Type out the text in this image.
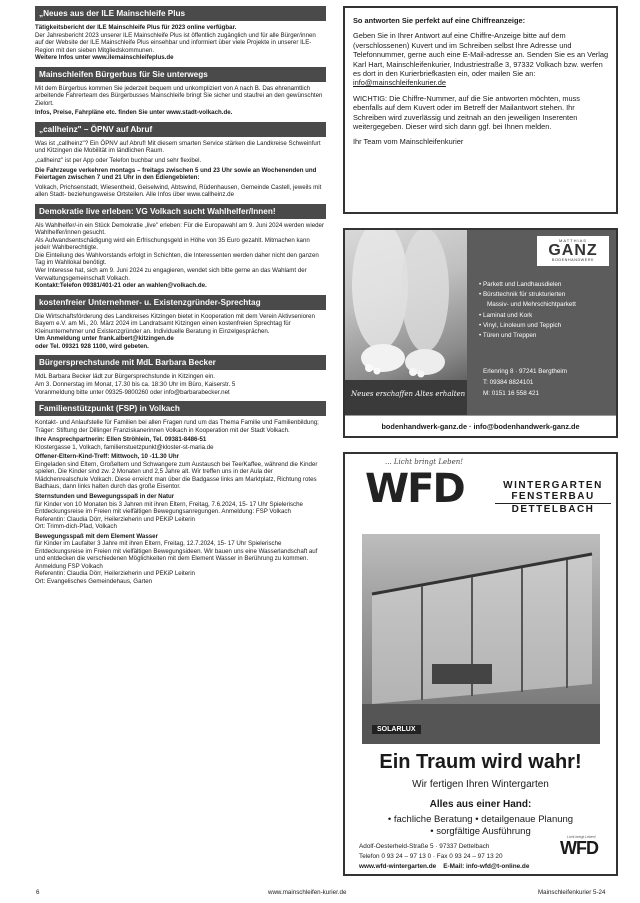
„Neues aus der ILE Mainschleife Plus
Tätigkeitsbericht der ILE Mainschleife Plus für 2023 online verfügbar.
Der Jahresbericht 2023 unserer ILE Mainschleife Plus ist öffentlich zugänglich und für alle Bürger/innen auf der Website der ILE Mainschleife Plus einsehbar und informiert über viele Projekte in unserer ILE-Region mit den sieben Mitgliedskommunen.
Weitere Infos unter www.ilemainschleifeplus.de
Mainschleifen Bürgerbus für Sie unterwegs
Mit dem Bürgerbus kommen Sie jederzeit bequem und unkompliziert von A nach B. Das ehrenamtlich arbeitende Fahrerteam des Bürgerbusses Mainschleife bringt Sie sicher und staufrei an den gewünschten Zielort.
Infos, Preise, Fahrpläne etc. finden Sie unter www.stadt-volkach.de.
„callheinz" – ÖPNV auf Abruf
Was ist „callheinz"? Ein ÖPNV auf Abruf! Mit diesem smarten Service stärken die Landkreise Schweinfurt und Kitzingen die Mobilität im ländlichen Raum.
„callheinz" ist per App oder Telefon buchbar und sehr flexibel.
Die Fahrzeuge verkehren montags – freitags zwischen 5 und 23 Uhr sowie an Wochenenden und Feiertagen zwischen 7 und 21 Uhr in den Ediengebieten:
Volkach, Prichsenstadt, Wiesentheid, Geiselwind, Abtswind, Rüdenhausen, Gemeinde Castell, jeweils mit allen Stadt- beziehungsweise Ortsteilen. Alle Infos über www.callheinz.de
Demokratie live erleben: VG Volkach sucht Wahlhelfer/Innen!
Als Wahlhelfer/-in ein Stück Demokratie „live" erleben: Für die Europawahl am 9. Juni 2024 werden wieder Wahlhelfer/innen gesucht.
Als Aufwandsentschädigung wird ein Erfrischungsgeld in Höhe von 35 Euro gezahlt. Mitmachen kann jede/r Wahlberechtigte.
Die Einteilung des Wahlvorstands erfolgt in Schichten, die Interessenten werden daher nicht den ganzen Tag im Wahllokal benötigt.
Wer Interesse hat, sich am 9. Juni 2024 zu engagieren, wendet sich bitte gerne an das Wahlamt der Verwaltungsgemeinschaft Volkach.
Kontakt:Telefon 09381/401-21 oder an wahlen@volkach.de.
kostenfreier Unternehmer- u. Existenzgründer-Sprechtag
Die Wirtschaftsförderung des Landkreises Kitzingen bietet in Kooperation mit dem Verein Aktivsenioren Bayern e.V. am Mi., 20. März 2024 im Landratsamt Kitzingen einen kostenfreien Sprechtag für Kleinunternehmer und Existenzgründer an. Individuelle Beratung in Einzelgesprächen.
Um Anmeldung unter frank.albert@kitzingen.de
oder Tel. 09321 928 1100, wird gebeten.
Bürgersprechstunde mit MdL Barbara Becker
MdL Barbara Becker lädt zur Bürgersprechstunde in Kitzingen ein.
Am 3. Donnerstag im Monat, 17.30 bis ca. 18:30 Uhr im Büro, Kaiserstr. 5
Voranmeldung bitte unter 09325-9800260 oder info@barbarabecker.net
Familienstützpunkt (FSP) in Volkach
Kontakt- und Anlaufstelle für Familien bei allen Fragen rund um das Thema Familie und Familienbildung; Träger: Stiftung der Dillinger Franziskanerinnen Volkach in Kooperation mit der Stadt Volkach.
Ihre Ansprechpartnerin: Ellen Ströhlein, Tel. 09381-8486-51
Klostergasse 1, Volkach, familienstuetzpunkt@kloster-st-maria.de
Offener-Eltern-Kind-Treff: Mittwoch, 10 -11.30 Uhr
Eingeladen sind Eltern, Großeltern und Schwangere zum Austausch bei Tee/Kaffee, während die Kinder spielen. Die Kinder sind zw. 2 Monaten und 2,5 Jahre alt. Wir treffen uns in der Aula der Mädchenrealschule Volkach. Diese erreicht man über die Badgasse links am Marktplatz, Richtung rotes Badhaus, dann links halten durch das große Eisentor.
Sternstunden und Bewegungsspaß in der Natur
für Kinder von 10 Monaten bis 3 Jahren mit ihren Eltern, Freitag, 7.6.2024, 15- 17 Uhr Spielerische Entdeckungsreise im Freien mit vielfältigen Bewegungsanregungen. Anmeldung: FSP Volkach
Referentin: Claudia Dörr, Heilerzieherin und PEKiP Leiterin
Ort: Trimm-dich-Pfad, Volkach
Bewegungsspaß mit dem Element Wasser
für Kinder im Laufalter 3 Jahre mit ihren Eltern, Freitag, 12.7.2024, 15- 17 Uhr Spielerische Entdeckungsreise im Freien mit vielfältigen Bewegungsideen. Wir bauen uns eine Wasserlandschaft auf und entdecken die verschiedenen Möglichkeiten mit dem Element Wasser in Berührung zu kommen. Anmeldung FSP Volkach
Referentin: Claudia Dörr, Heilerzieherin und PEKiP Leiterin
Ort: Evangelisches Gemeindehaus, Garten
So antworten Sie perfekt auf eine Chiffreanzeige:

Geben Sie in Ihrer Antwort auf eine Chiffre-Anzeige bitte auf dem (verschlossenen) Kuvert und im Schreiben selbst Ihre Adresse und Telefonnummer, gerne auch eine E-Mail-adresse an. Senden Sie es an Verlag Karl Hart, Mainschleifenkurier, Industriestraße 3, 97332 Volkach bzw. werfen es dort in den Kurierbriefkasten ein, oder mailen Sie an: info@mainschleifenkurier.de

WICHTIG: Die Chiffre-Nummer, auf die Sie antworten möchten, muss ebenfalls auf dem Kuvert oder im Betreff der Mailantwort stehen. Ihr Schreiben wird zuverlässig und zeitnah an den jeweiligen Inserenten weitergegeben. Dieser wird sich dann ggf. bei Ihnen melden.

Ihr Team vom Mainschleifenkurier

Neues erschaffen Altes erhalten
MATTHIAS
GANZ
BODENHANDWERK
• Parkett und Landhausdielen
• Bürsttechnik für strukturierten
Massiv- und Mehrschichtparkett
• Laminat und Kork
• Vinyl, Linoleum und Teppich
• Türen und Treppen
Erlenring 8 · 97241 Bergtheim
T: 09384 8824101
M: 0151 16 558 421
bodenhandwerk-ganz.de · info@bodenhandwerk-ganz.de
... Licht bringt Leben!
WFD	WINTERGARTEN
FENSTERBAU
DETTELBACH
SOLARLUX
Ein Traum wird wahr!
Wir fertigen Ihren Wintergarten
Alles aus einer Hand:
• fachliche Beratung • detailgenaue Planung
• sorgfältige Ausführung
Adolf-Oesterheld-Straße 5 · 97337 Dettelbach
Telefon 0 93 24 – 97 13 0 · Fax 0 93 24 – 97 13 20
www.wfd-wintergarten.de E-Mail: info-wfd@t-online.de
WFD
Licht bringt Leben!
6	www.mainschleifen-kurier.de	Mainschleifenkurier 5-24
